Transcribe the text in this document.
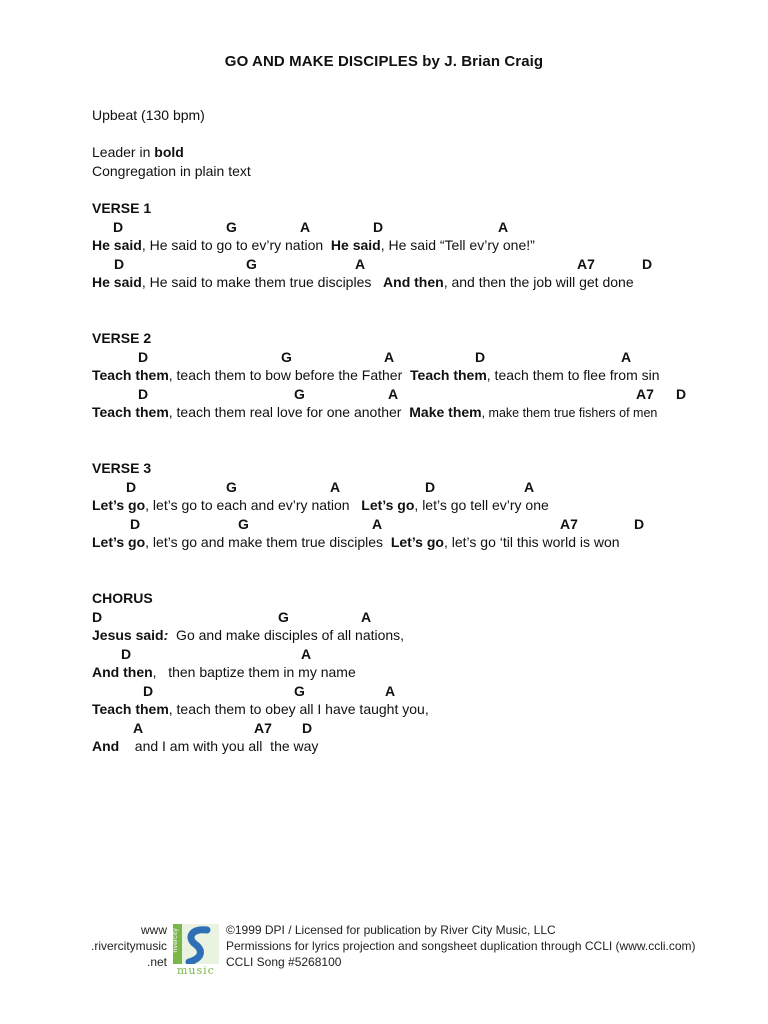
GO AND MAKE DISCIPLES by J. Brian Craig
Upbeat (130 bpm)
Leader in bold
Congregation in plain text
VERSE 1
D	G	A	D	A
He said, He said to go to ev’ry nation  He said, He said “Tell ev’ry one!”
D	G	A	A7	D
He said, He said to make them true disciples   And then, and then the job will get done
VERSE 2
D	G	A	D	A
Teach them, teach them to bow before the Father  Teach them, teach them to flee from sin
D	G	A	A7 D
Teach them, teach them real love for one another  Make them, make them true fishers of men
VERSE 3
D	G	A	D	A
Let’s go, let’s go to each and ev’ry nation   Let’s go, let’s go tell ev’ry one
D	G	A	A7	D
Let’s go, let’s go and make them true disciples  Let’s go, let’s go ‘til this world is won
CHORUS
D	G	A
Jesus said:  Go and make disciples of all nations,
D	A
And then,   then baptize them in my name
D	G	A
Teach them, teach them to obey all I have taught you,
A	A7 D
And    and I am with you all  the way
www
.rivercitymusic
.net
rivercity
music
©1999 DPI / Licensed for publication by River City Music, LLC
Permissions for lyrics projection and songsheet duplication through CCLI (www.ccli.com)
CCLI Song #5268100
